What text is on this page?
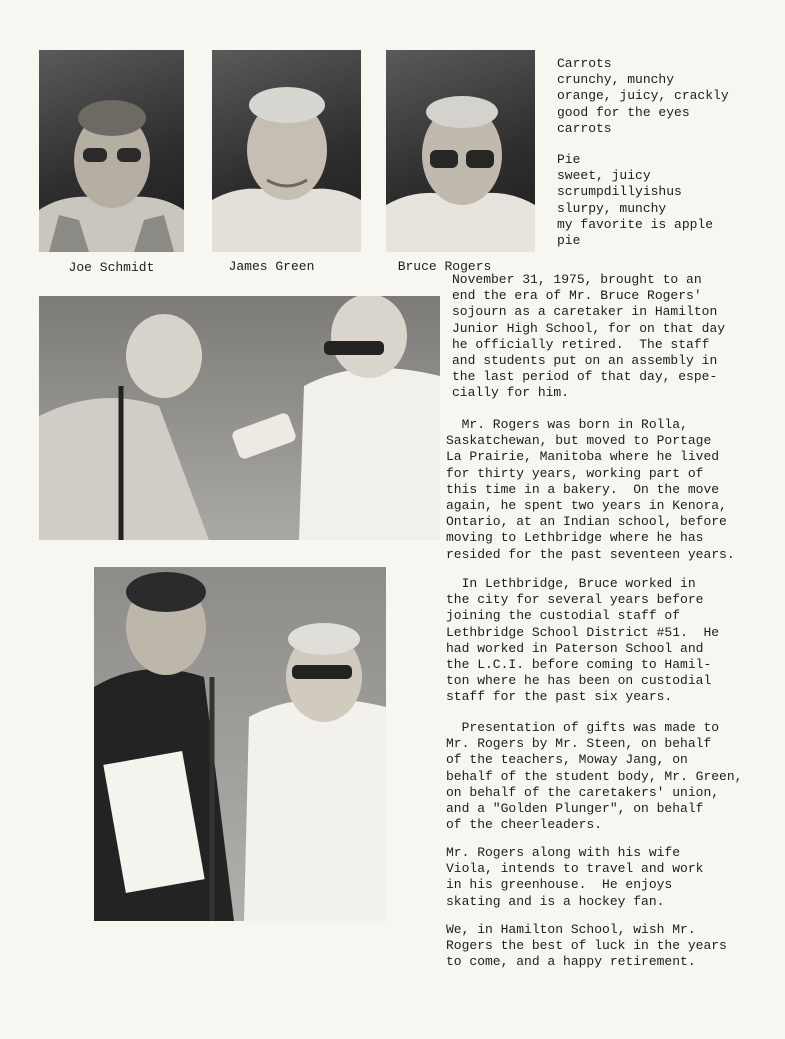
Joe Schmidt	James Green	Bruce Rogers
Carrots
crunchy, munchy
orange, juicy, crackly
good for the eyes
carrots
Pie
sweet, juicy
scrumpdillyishus
slurpy, munchy
my favorite is apple
pie
November 31, 1975, brought to an
end the era of Mr. Bruce Rogers'
sojourn as a caretaker in Hamilton
Junior High School, for on that day
he officially retired.  The staff
and students put on an assembly in
the last period of that day, espe-
cially for him.
Mr. Rogers was born in Rolla,
Saskatchewan, but moved to Portage
La Prairie, Manitoba where he lived
for thirty years, working part of
this time in a bakery.  On the move
again, he spent two years in Kenora,
Ontario, at an Indian school, before
moving to Lethbridge where he has
resided for the past seventeen years.
In Lethbridge, Bruce worked in
the city for several years before
joining the custodial staff of
Lethbridge School District #51.  He
had worked in Paterson School and
the L.C.I. before coming to Hamil-
ton where he has been on custodial
staff for the past six years.
Presentation of gifts was made to
Mr. Rogers by Mr. Steen, on behalf
of the teachers, Moway Jang, on
behalf of the student body, Mr. Green,
on behalf of the caretakers' union,
and a "Golden Plunger", on behalf
of the cheerleaders.
Mr. Rogers along with his wife
Viola, intends to travel and work
in his greenhouse.  He enjoys
skating and is a hockey fan.
We, in Hamilton School, wish Mr.
Rogers the best of luck in the years
to come, and a happy retirement.
